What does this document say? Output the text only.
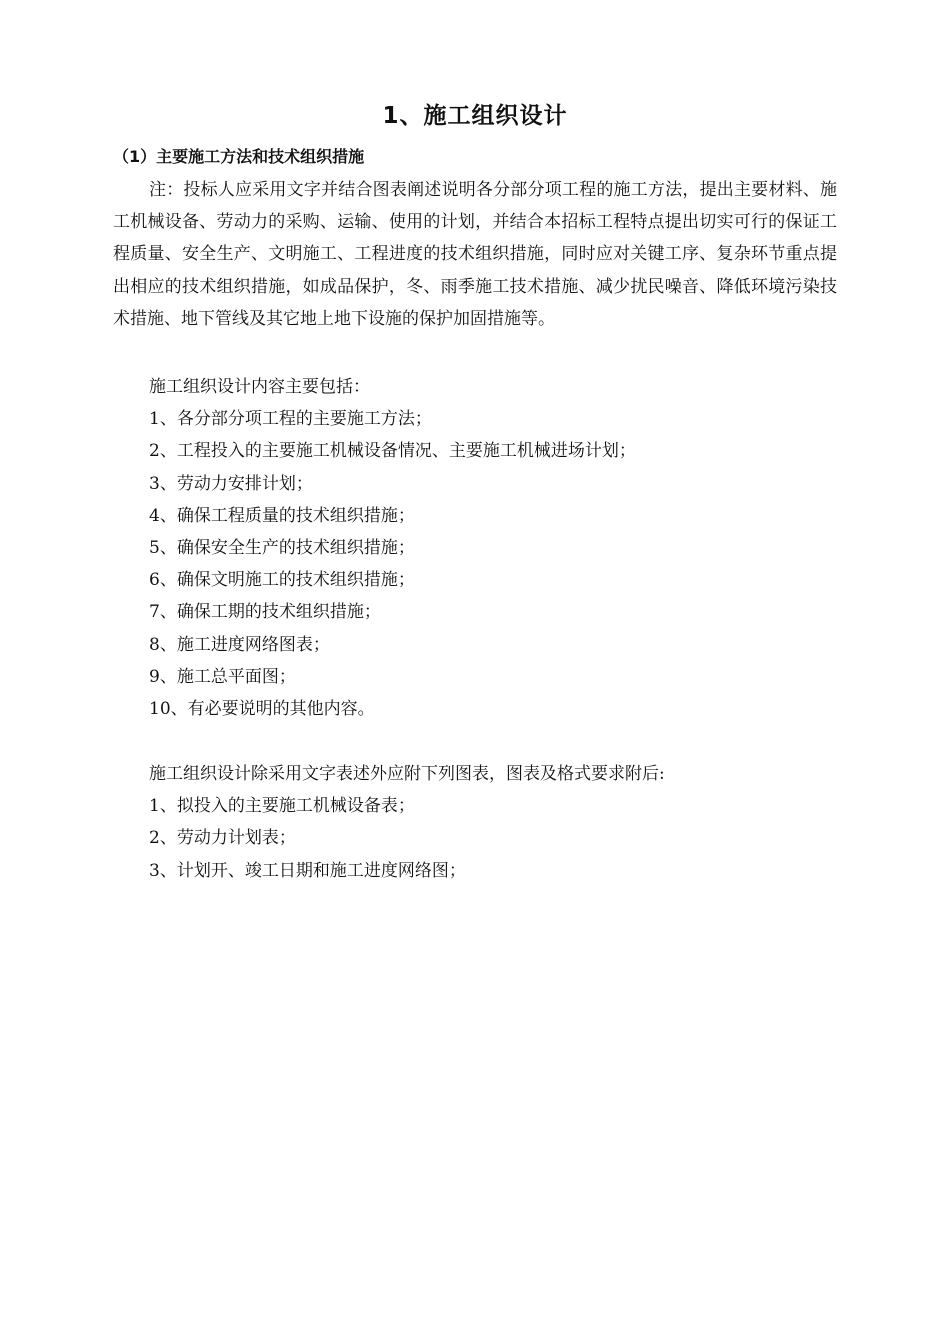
1、施工组织设计
（1）主要施工方法和技术组织措施
注：投标人应采用文字并结合图表阐述说明各分部分项工程的施工方法，提出主要材料、施工机械设备、劳动力的采购、运输、使用的计划，并结合本招标工程特点提出切实可行的保证工程质量、安全生产、文明施工、工程进度的技术组织措施，同时应对关键工序、复杂环节重点提出相应的技术组织措施，如成品保护，冬、雨季施工技术措施、减少扰民噪音、降低环境污染技术措施、地下管线及其它地上地下设施的保护加固措施等。
施工组织设计内容主要包括：
1、各分部分项工程的主要施工方法；
2、工程投入的主要施工机械设备情况、主要施工机械进场计划；
3、劳动力安排计划；
4、确保工程质量的技术组织措施；
5、确保安全生产的技术组织措施；
6、确保文明施工的技术组织措施；
7、确保工期的技术组织措施；
8、施工进度网络图表；
9、施工总平面图；
10、有必要说明的其他内容。
施工组织设计除采用文字表述外应附下列图表，图表及格式要求附后:
1、拟投入的主要施工机械设备表；
2、劳动力计划表；
3、计划开、竣工日期和施工进度网络图；
